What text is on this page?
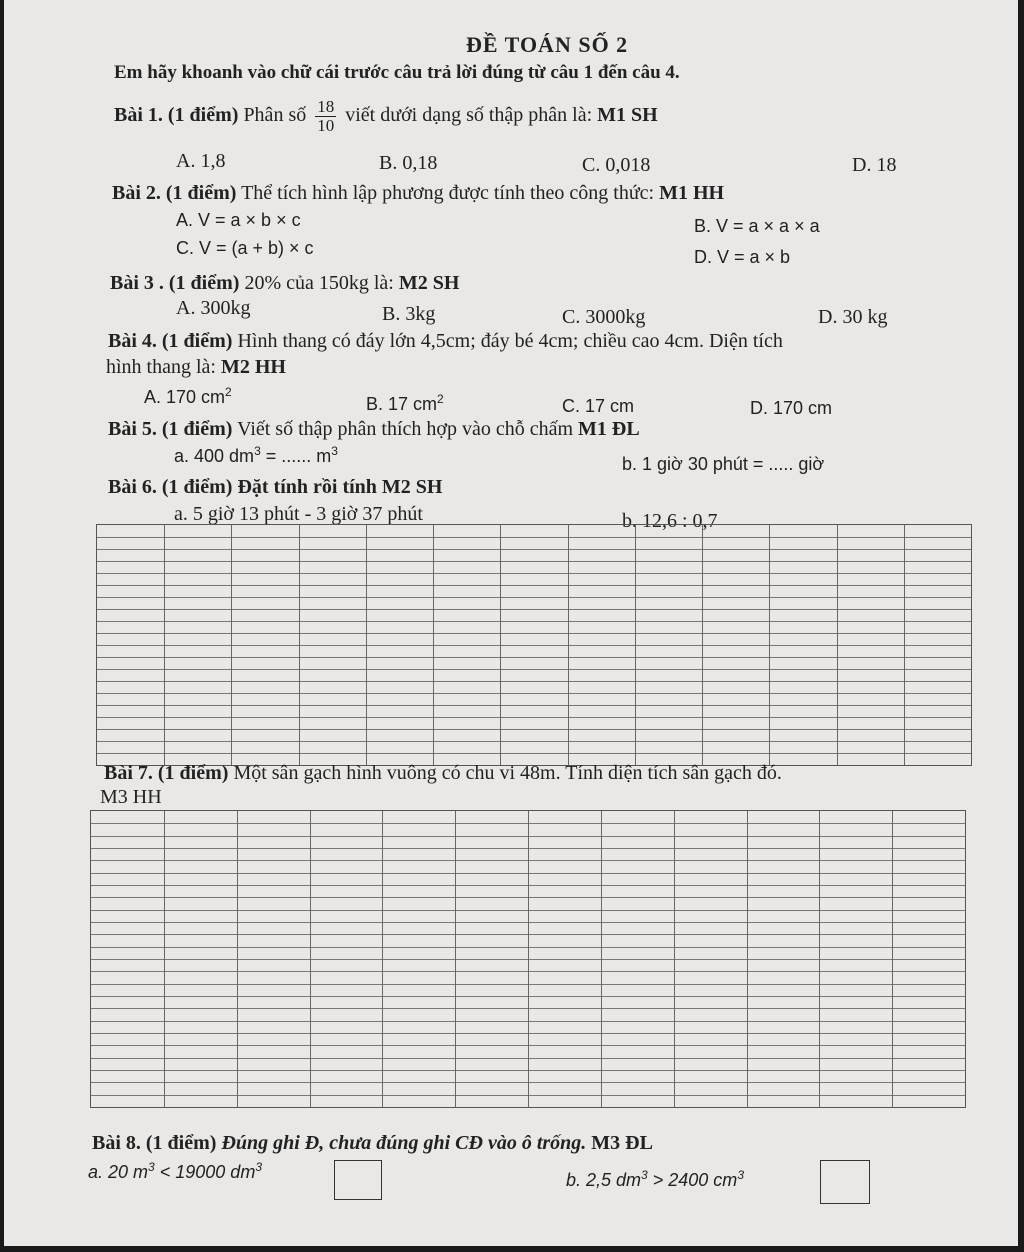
ĐỀ TOÁN SỐ 2
Em hãy khoanh vào chữ cái trước câu trả lời đúng từ câu 1 đến câu 4.
Bài 1. (1 điểm) Phân số $\frac{18}{10}$ viết dưới dạng số thập phân là: M1 SH
A. 1,8	B. 0,18	C. 0,018	D. 18
Bài 2. (1 điểm) Thể tích hình lập phương được tính theo công thức: M1 HH
A. V = a × b × c	B. V = a × a × a
C. V = (a + b) × c	D. V = a × b
Bài 3 . (1 điểm) 20% của 150kg là: M2 SH
A. 300kg	B. 3kg	C. 3000kg	D. 30 kg
Bài 4. (1 điểm) Hình thang có đáy lớn 4,5cm; đáy bé 4cm; chiều cao 4cm. Diện tích
hình thang là: M2 HH
A. 170 $cm^2$
B. 17 $cm^2$	C. 17 cm	D. 170 cm
Bài 5. (1 điểm) Viết số thập phân thích hợp vào chỗ chấm M1 ĐL
a. 400 $dm^3$ = ...... $m^3$
b. 1 giờ 30 phút = ..... giờ
Bài 6. (1 điểm) Đặt tính rồi tính M2 SH
a. 5 giờ 13 phút - 3 giờ 37 phút	b. 12,6 : 0,7
Bài 7. (1 điểm) Một sân gạch hình vuông có chu vi 48m. Tính diện tích sân gạch đó.
M3 HH
Bài 8. (1 điểm) Đúng ghi Đ, chưa đúng ghi CĐ vào ô trống. M3 ĐL
a. 20 $m^3 < 19000$ $dm^3$
b. 2,5 $dm^3 > 2400$ $cm^3$
